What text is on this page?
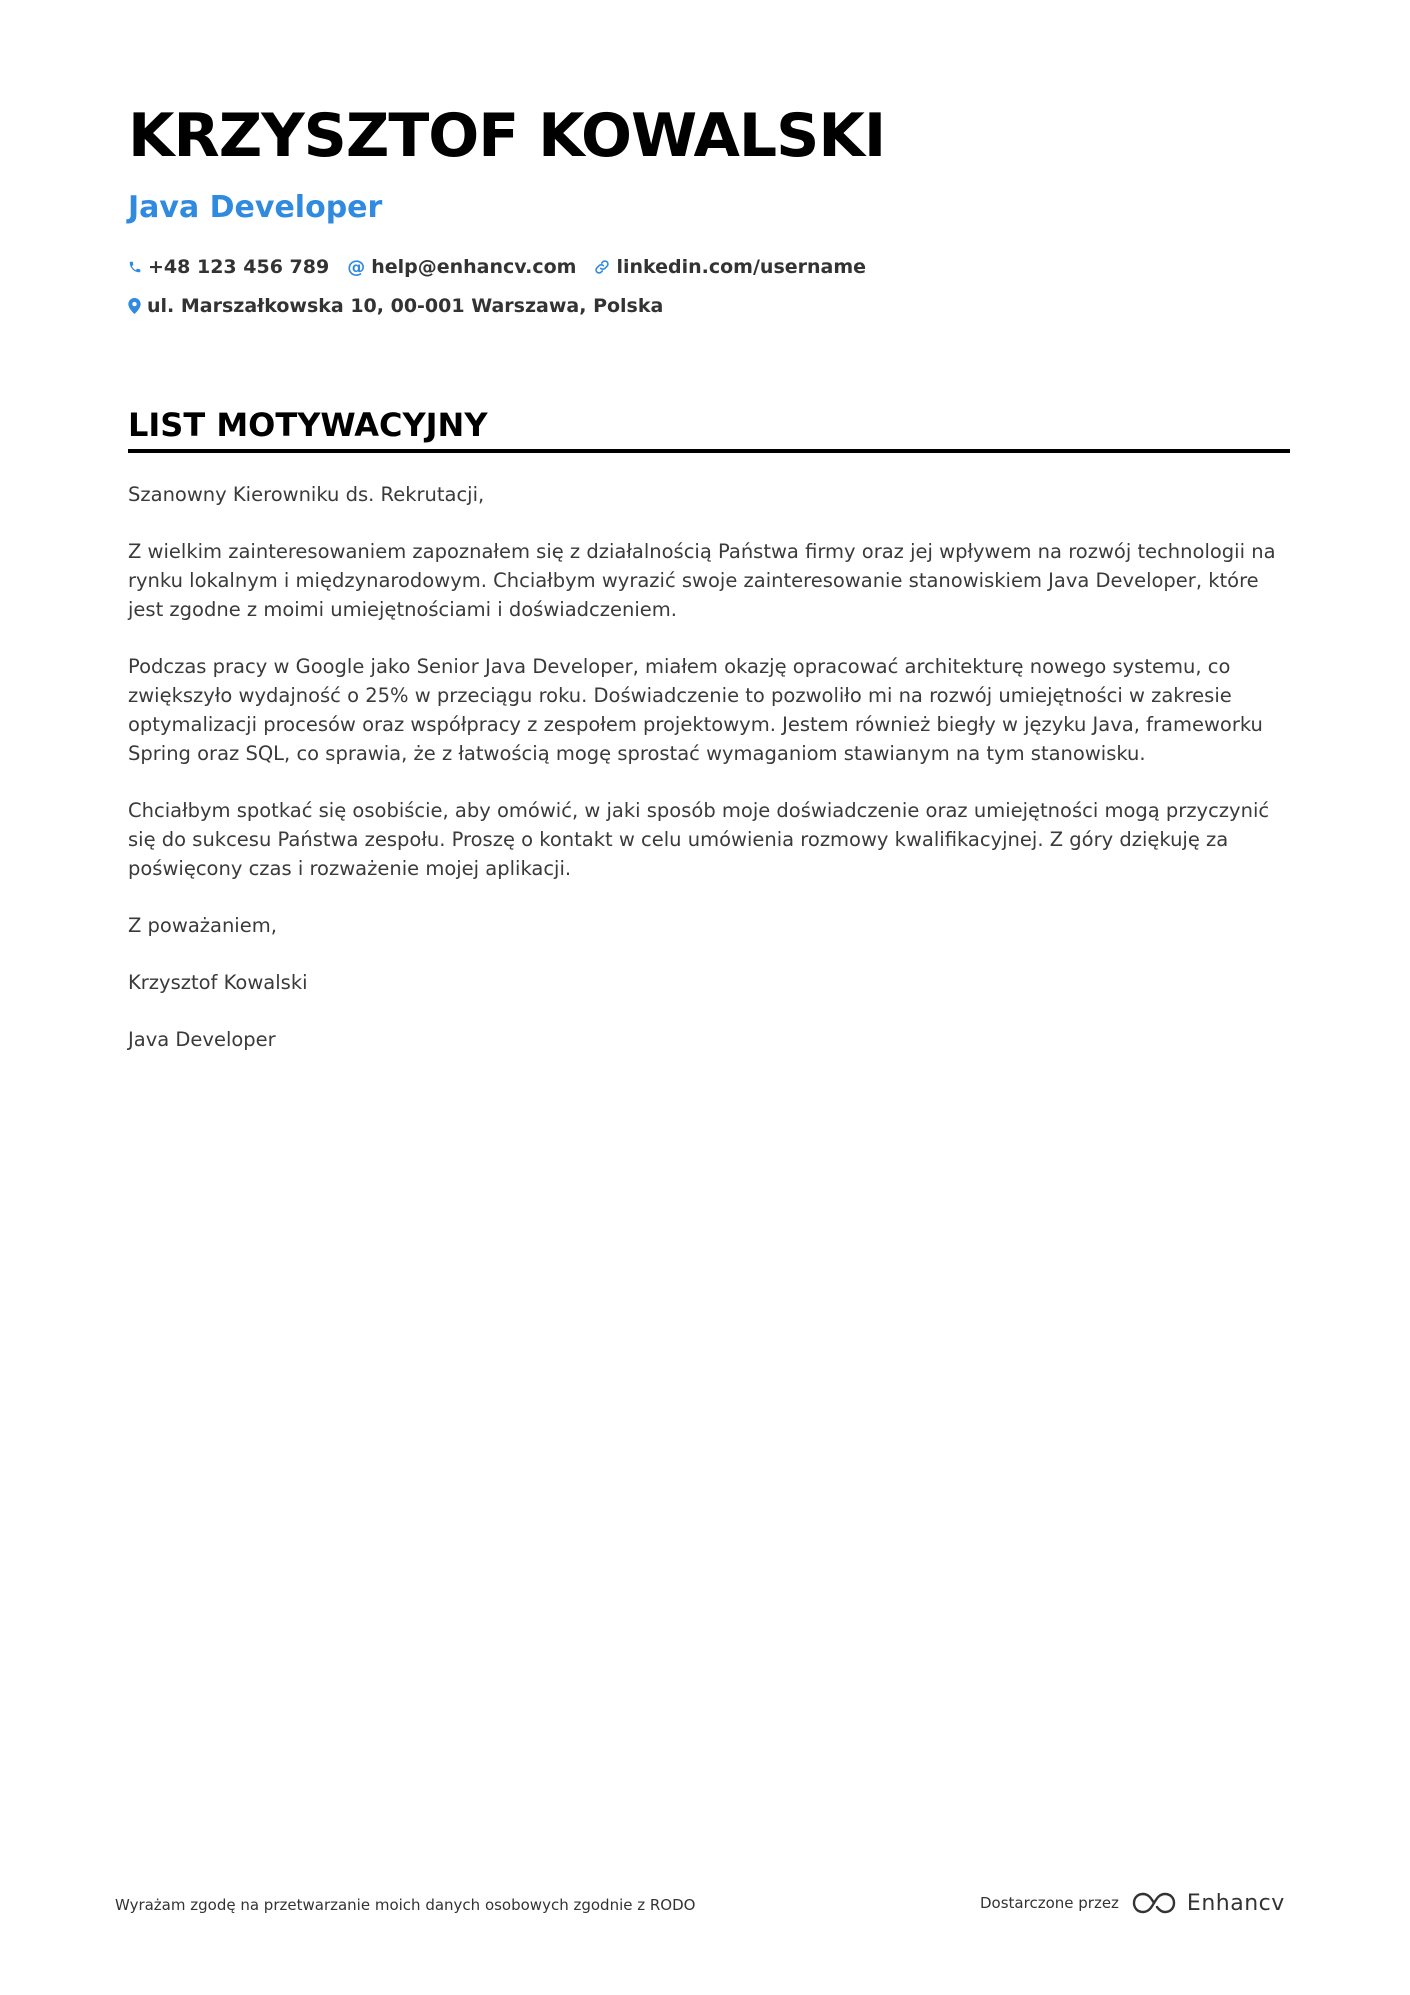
KRZYSZTOF KOWALSKI
Java Developer
+48 123 456 789 @ help@enhancv.com linkedin.com/username
ul. Marszałkowska 10, 00-001 Warszawa, Polska
LIST MOTYWACYJNY

Szanowny Kierowniku ds. Rekrutacji,

Z wielkim zainteresowaniem zapoznałem się z działalnością Państwa firmy oraz jej wpływem na rozwój technologii na rynku lokalnym i międzynarodowym. Chciałbym wyrazić swoje zainteresowanie stanowiskiem Java Developer, które jest zgodne z moimi umiejętnościami i doświadczeniem.

Podczas pracy w Google jako Senior Java Developer, miałem okazję opracować architekturę nowego systemu, co zwiększyło wydajność o 25% w przeciągu roku. Doświadczenie to pozwoliło mi na rozwój umiejętności w zakresie optymalizacji procesów oraz współpracy z zespołem projektowym. Jestem również biegły w języku Java, frameworku Spring oraz SQL, co sprawia, że z łatwością mogę sprostać wymaganiom stawianym na tym stanowisku.

Chciałbym spotkać się osobiście, aby omówić, w jaki sposób moje doświadczenie oraz umiejętności mogą przyczynić się do sukcesu Państwa zespołu. Proszę o kontakt w celu umówienia rozmowy kwalifikacyjnej. Z góry dziękuję za poświęcony czas i rozważenie mojej aplikacji.

Z poważaniem,

Krzysztof Kowalski

Java Developer

Wyrażam zgodę na przetwarzanie moich danych osobowych zgodnie z RODO	Dostarczone przez	Enhancv
